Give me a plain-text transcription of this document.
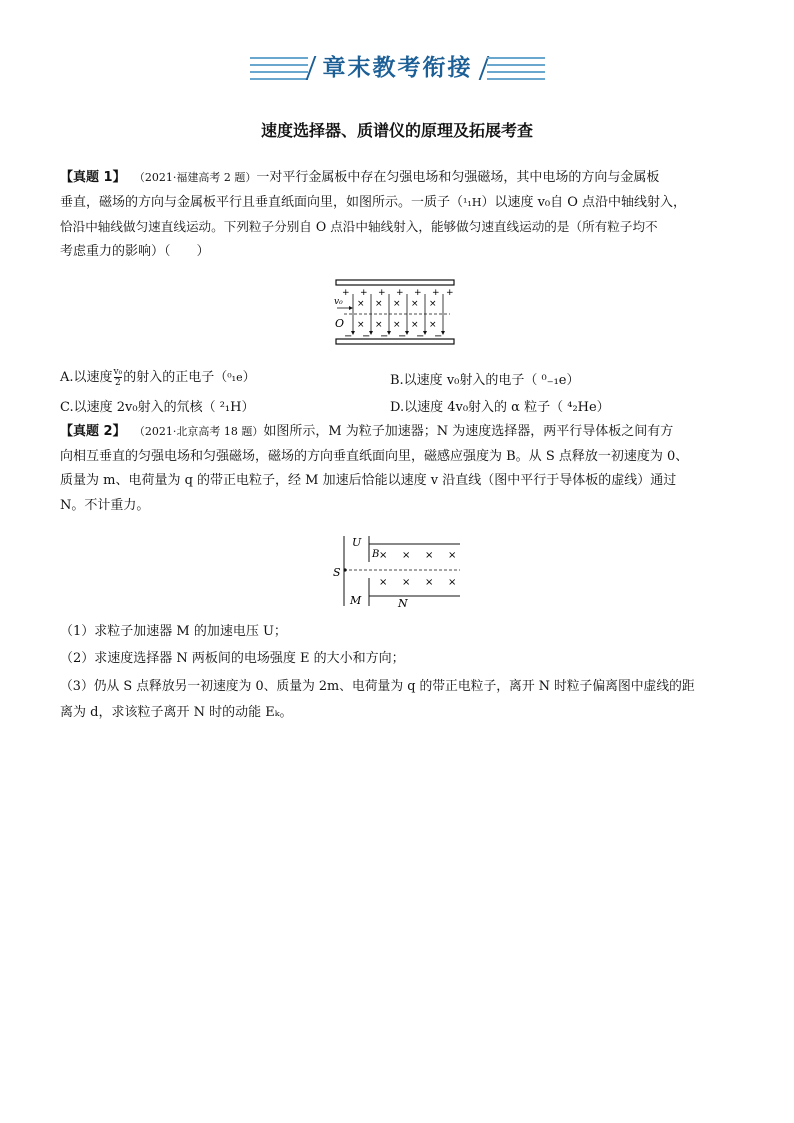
章末教考衔接
速度选择器、质谱仪的原理及拓展考查
【真题 1】 （2021·福建高考 2 题）一对平行金属板中存在匀强电场和匀强磁场，其中电场的方向与金属板
垂直，磁场的方向与金属板平行且垂直纸面向里，如图所示。一质子（¹₁H）以速度 v₀自 O 点沿中轴线射入，
恰沿中轴线做匀速直线运动。下列粒子分别自 O 点沿中轴线射入，能够做匀速直线运动的是（所有粒子均不
考虑重力的影响）（　　）
+ + + + + + +
× × × × ×
× × × × ×
v₀
O
− − − − − −
A.以速度 $\frac{\text{v₀}}{2}$ 的射入的正电子（⁰₁e）	B.以速度 v₀射入的电子（ ⁰₋₁e）
C.以速度 2v₀射入的氘核（ ²₁H）	D.以速度 4v₀射入的 α 粒子（ ⁴₂He）
【真题 2】 （2021·北京高考 18 题）如图所示，M 为粒子加速器；N 为速度选择器，两平行导体板之间有方
向相互垂直的匀强电场和匀强磁场，磁场的方向垂直纸面向里，磁感应强度为 B。从 S 点释放一初速度为 0、
质量为 m、电荷量为 q 的带正电粒子，经 M 加速后恰能以速度 v 沿直线（图中平行于导体板的虚线）通过
N。不计重力。
U
B
S
M	N
× × × ×
× × × ×
（1）求粒子加速器 M 的加速电压 U；
（2）求速度选择器 N 两板间的电场强度 E 的大小和方向；
（3）仍从 S 点释放另一初速度为 0、质量为 2m、电荷量为 q 的带正电粒子，离开 N 时粒子偏离图中虚线的距
离为 d，求该粒子离开 N 时的动能 Eₖ。
